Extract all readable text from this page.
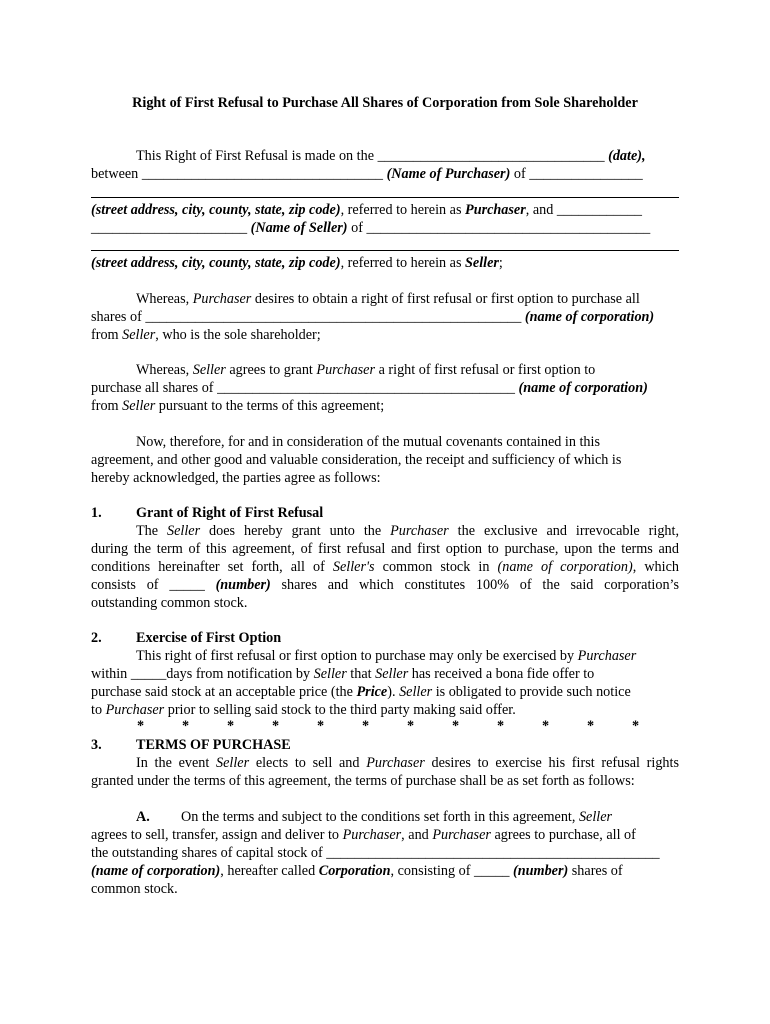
Right of First Refusal to Purchase All Shares of Corporation from Sole Shareholder
This Right of First Refusal is made on the ________________________________ (date),
between __________________________________ (Name of Purchaser) of ________________
(street address, city, county, state, zip code), referred to herein as Purchaser, and ____________
______________________ (Name of Seller) of ________________________________________
(street address, city, county, state, zip code), referred to herein as Seller;
Whereas, Purchaser desires to obtain a right of first refusal or first option to purchase all
shares of _____________________________________________________ (name of corporation)
from Seller, who is the sole shareholder;
Whereas, Seller agrees to grant Purchaser a right of first refusal or first option to
purchase all shares of __________________________________________ (name of corporation)
from Seller pursuant to the terms of this agreement;
Now, therefore, for and in consideration of the mutual covenants contained in this
agreement, and other good and valuable consideration, the receipt and sufficiency of which is
hereby acknowledged, the parties agree as follows:
1. Grant of Right of First Refusal
The Seller does hereby grant unto the Purchaser the exclusive and irrevocable right,
during the term of this agreement, of first refusal and first option to purchase, upon the terms and
conditions hereinafter set forth, all of Seller's common stock in (name of corporation), which
consists of _____ (number) shares and which constitutes 100% of the said corporation’s
outstanding common stock.
2. Exercise of First Option
This right of first refusal or first option to purchase may only be exercised by Purchaser
within _____days from notification by Seller that Seller has received a bona fide offer to
purchase said stock at an acceptable price (the Price). Seller is obligated to provide such notice
to Purchaser prior to selling said stock to the third party making said offer.
*	*	*	*	*	*	*	*	*	*	*	*
3. TERMS OF PURCHASE
In the event Seller elects to sell and Purchaser desires to exercise his first refusal rights
granted under the terms of this agreement, the terms of purchase shall be as set forth as follows:
A. On the terms and subject to the conditions set forth in this agreement, Seller
agrees to sell, transfer, assign and deliver to Purchaser, and Purchaser agrees to purchase, all of
the outstanding shares of capital stock of _______________________________________________
(name of corporation), hereafter called Corporation, consisting of _____ (number) shares of
common stock.
